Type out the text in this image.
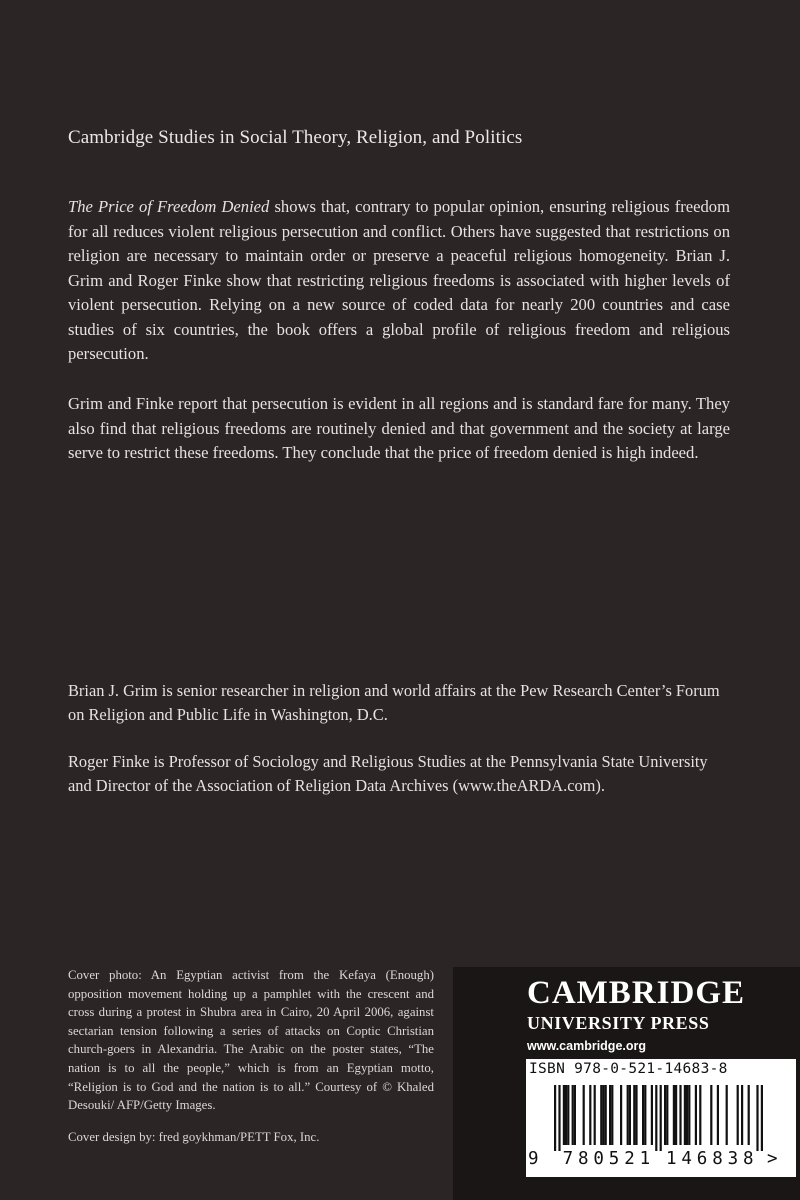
Cambridge Studies in Social Theory, Religion, and Politics

The Price of Freedom Denied shows that, contrary to popular opinion, ensuring religious freedom for all reduces violent religious persecution and conflict. Others have suggested that restrictions on religion are necessary to maintain order or preserve a peaceful religious homogeneity. Brian J. Grim and Roger Finke show that restricting religious freedoms is associated with higher levels of violent persecution. Relying on a new source of coded data for nearly 200 countries and case studies of six countries, the book offers a global profile of religious freedom and religious persecution.

Grim and Finke report that persecution is evident in all regions and is standard fare for many. They also find that religious freedoms are routinely denied and that government and the society at large serve to restrict these freedoms. They conclude that the price of freedom denied is high indeed.

Brian J. Grim is senior researcher in religion and world affairs at the Pew Research Center’s Forum on Religion and Public Life in Washington, D.C.

Roger Finke is Professor of Sociology and Religious Studies at the Pennsylvania State University and Director of the Association of Religion Data Archives (www.theARDA.com).

Cover photo: An Egyptian activist from the Kefaya (Enough) opposition movement holding up a pamphlet with the crescent and cross during a protest in Shubra area in Cairo, 20 April 2006, against sectarian tension following a series of attacks on Coptic Christian church-goers in Alexandria. The Arabic on the poster states, “The nation is to all the people,” which is from an Egyptian motto, “Religion is to God and the nation is to all.” Courtesy of © Khaled Desouki/ AFP/Getty Images.

Cover design by: fred goykhman/PETT Fox, Inc.

CAMBRIDGE
UNIVERSITY PRESS
www.cambridge.org
ISBN 978-0-521-14683-8
9 7 8 0 5 2 1 1 4 6 8 3 8 >
